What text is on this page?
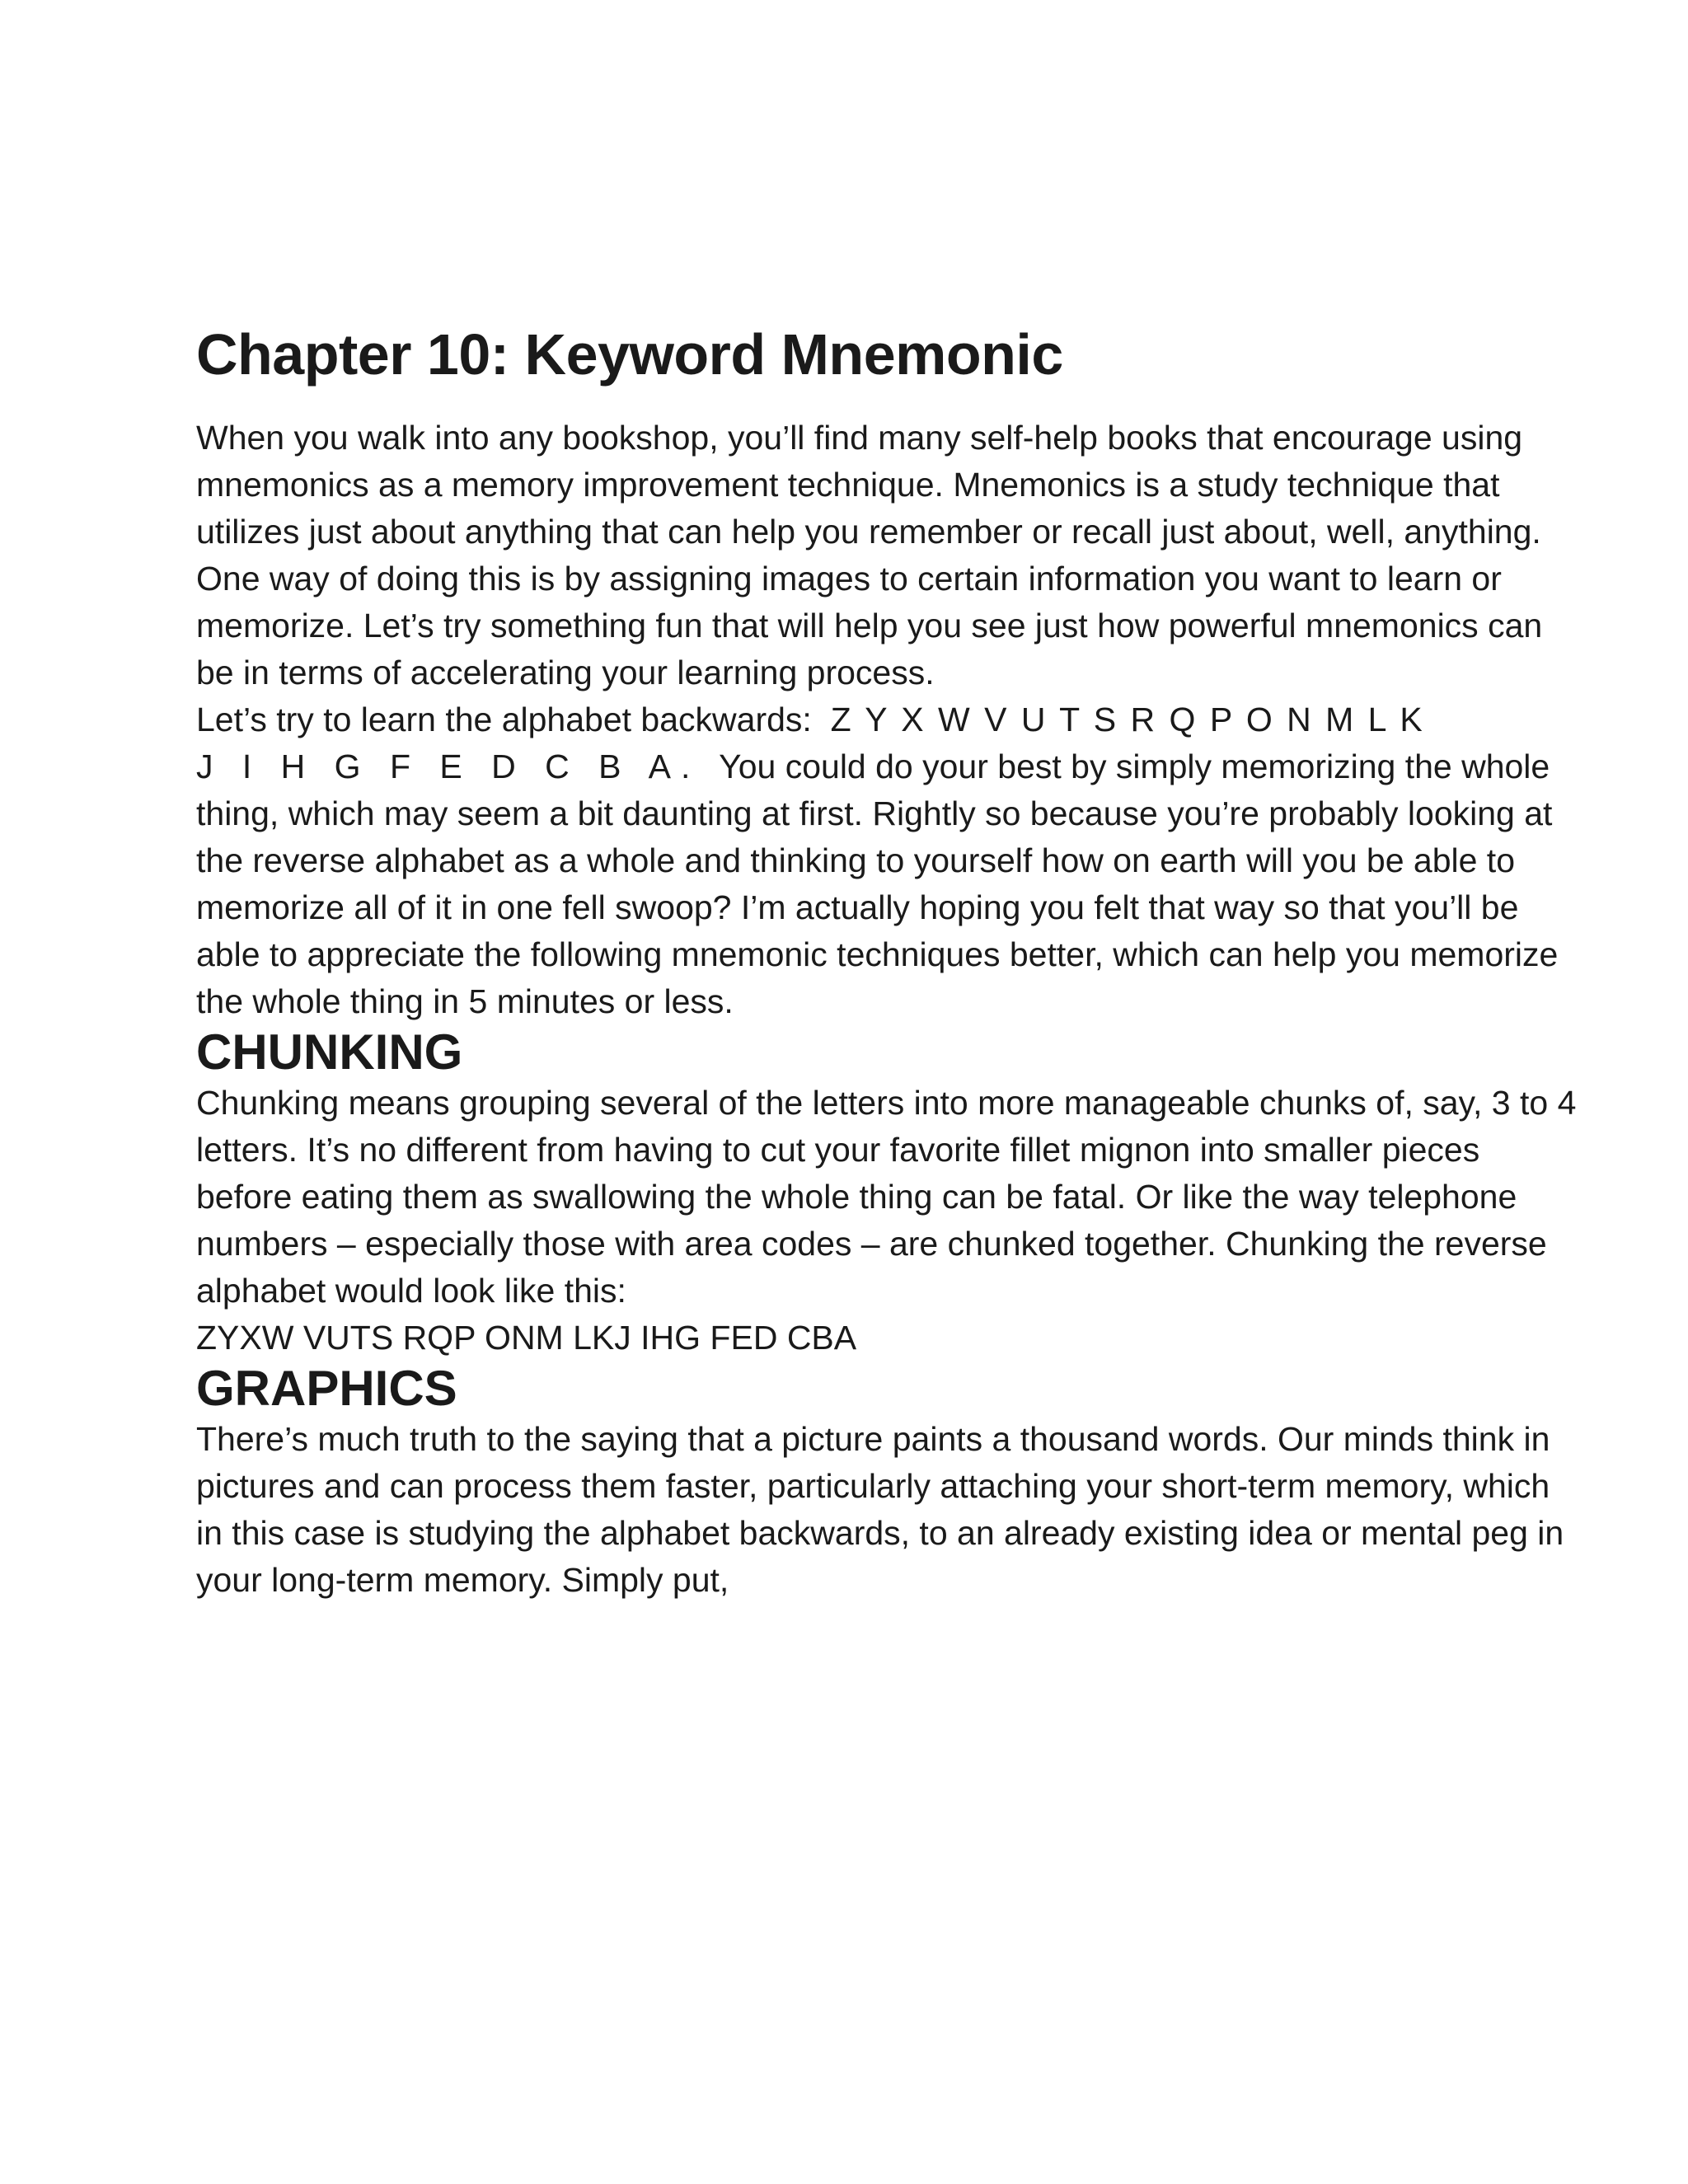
Chapter 10: Keyword Mnemonic

When you walk into any bookshop, you’ll find many self-help books that encourage using mnemonics as a memory improvement technique. Mnemonics is a study technique that utilizes just about anything that can help you remember or recall just about, well, anything. One way of doing this is by assigning images to certain information you want to learn or memorize. Let’s try something fun that will help you see just how powerful mnemonics can be in terms of accelerating your learning process.

Let’s try to learn the alphabet backwards: Z Y X W V U T S R Q P O N M L K
J I H G F E D C B A. You could do your best by simply memorizing the whole thing, which may seem a bit daunting at first. Rightly so because you’re probably looking at the reverse alphabet as a whole and thinking to yourself how on earth will you be able to memorize all of it in one fell swoop? I’m actually hoping you felt that way so that you’ll be able to appreciate the following mnemonic techniques better, which can help you memorize the whole thing in 5 minutes or less.

CHUNKING

Chunking means grouping several of the letters into more manageable chunks of, say, 3 to 4 letters. It’s no different from having to cut your favorite fillet mignon into smaller pieces before eating them as swallowing the whole thing can be fatal. Or like the way telephone numbers – especially those with area codes – are chunked together. Chunking the reverse alphabet would look like this:
ZYXW VUTS RQP ONM LKJ IHG FED CBA

GRAPHICS

There’s much truth to the saying that a picture paints a thousand words. Our minds think in pictures and can process them faster, particularly attaching your short-term memory, which in this case is studying the alphabet backwards, to an already existing idea or mental peg in your long-term memory. Simply put,
